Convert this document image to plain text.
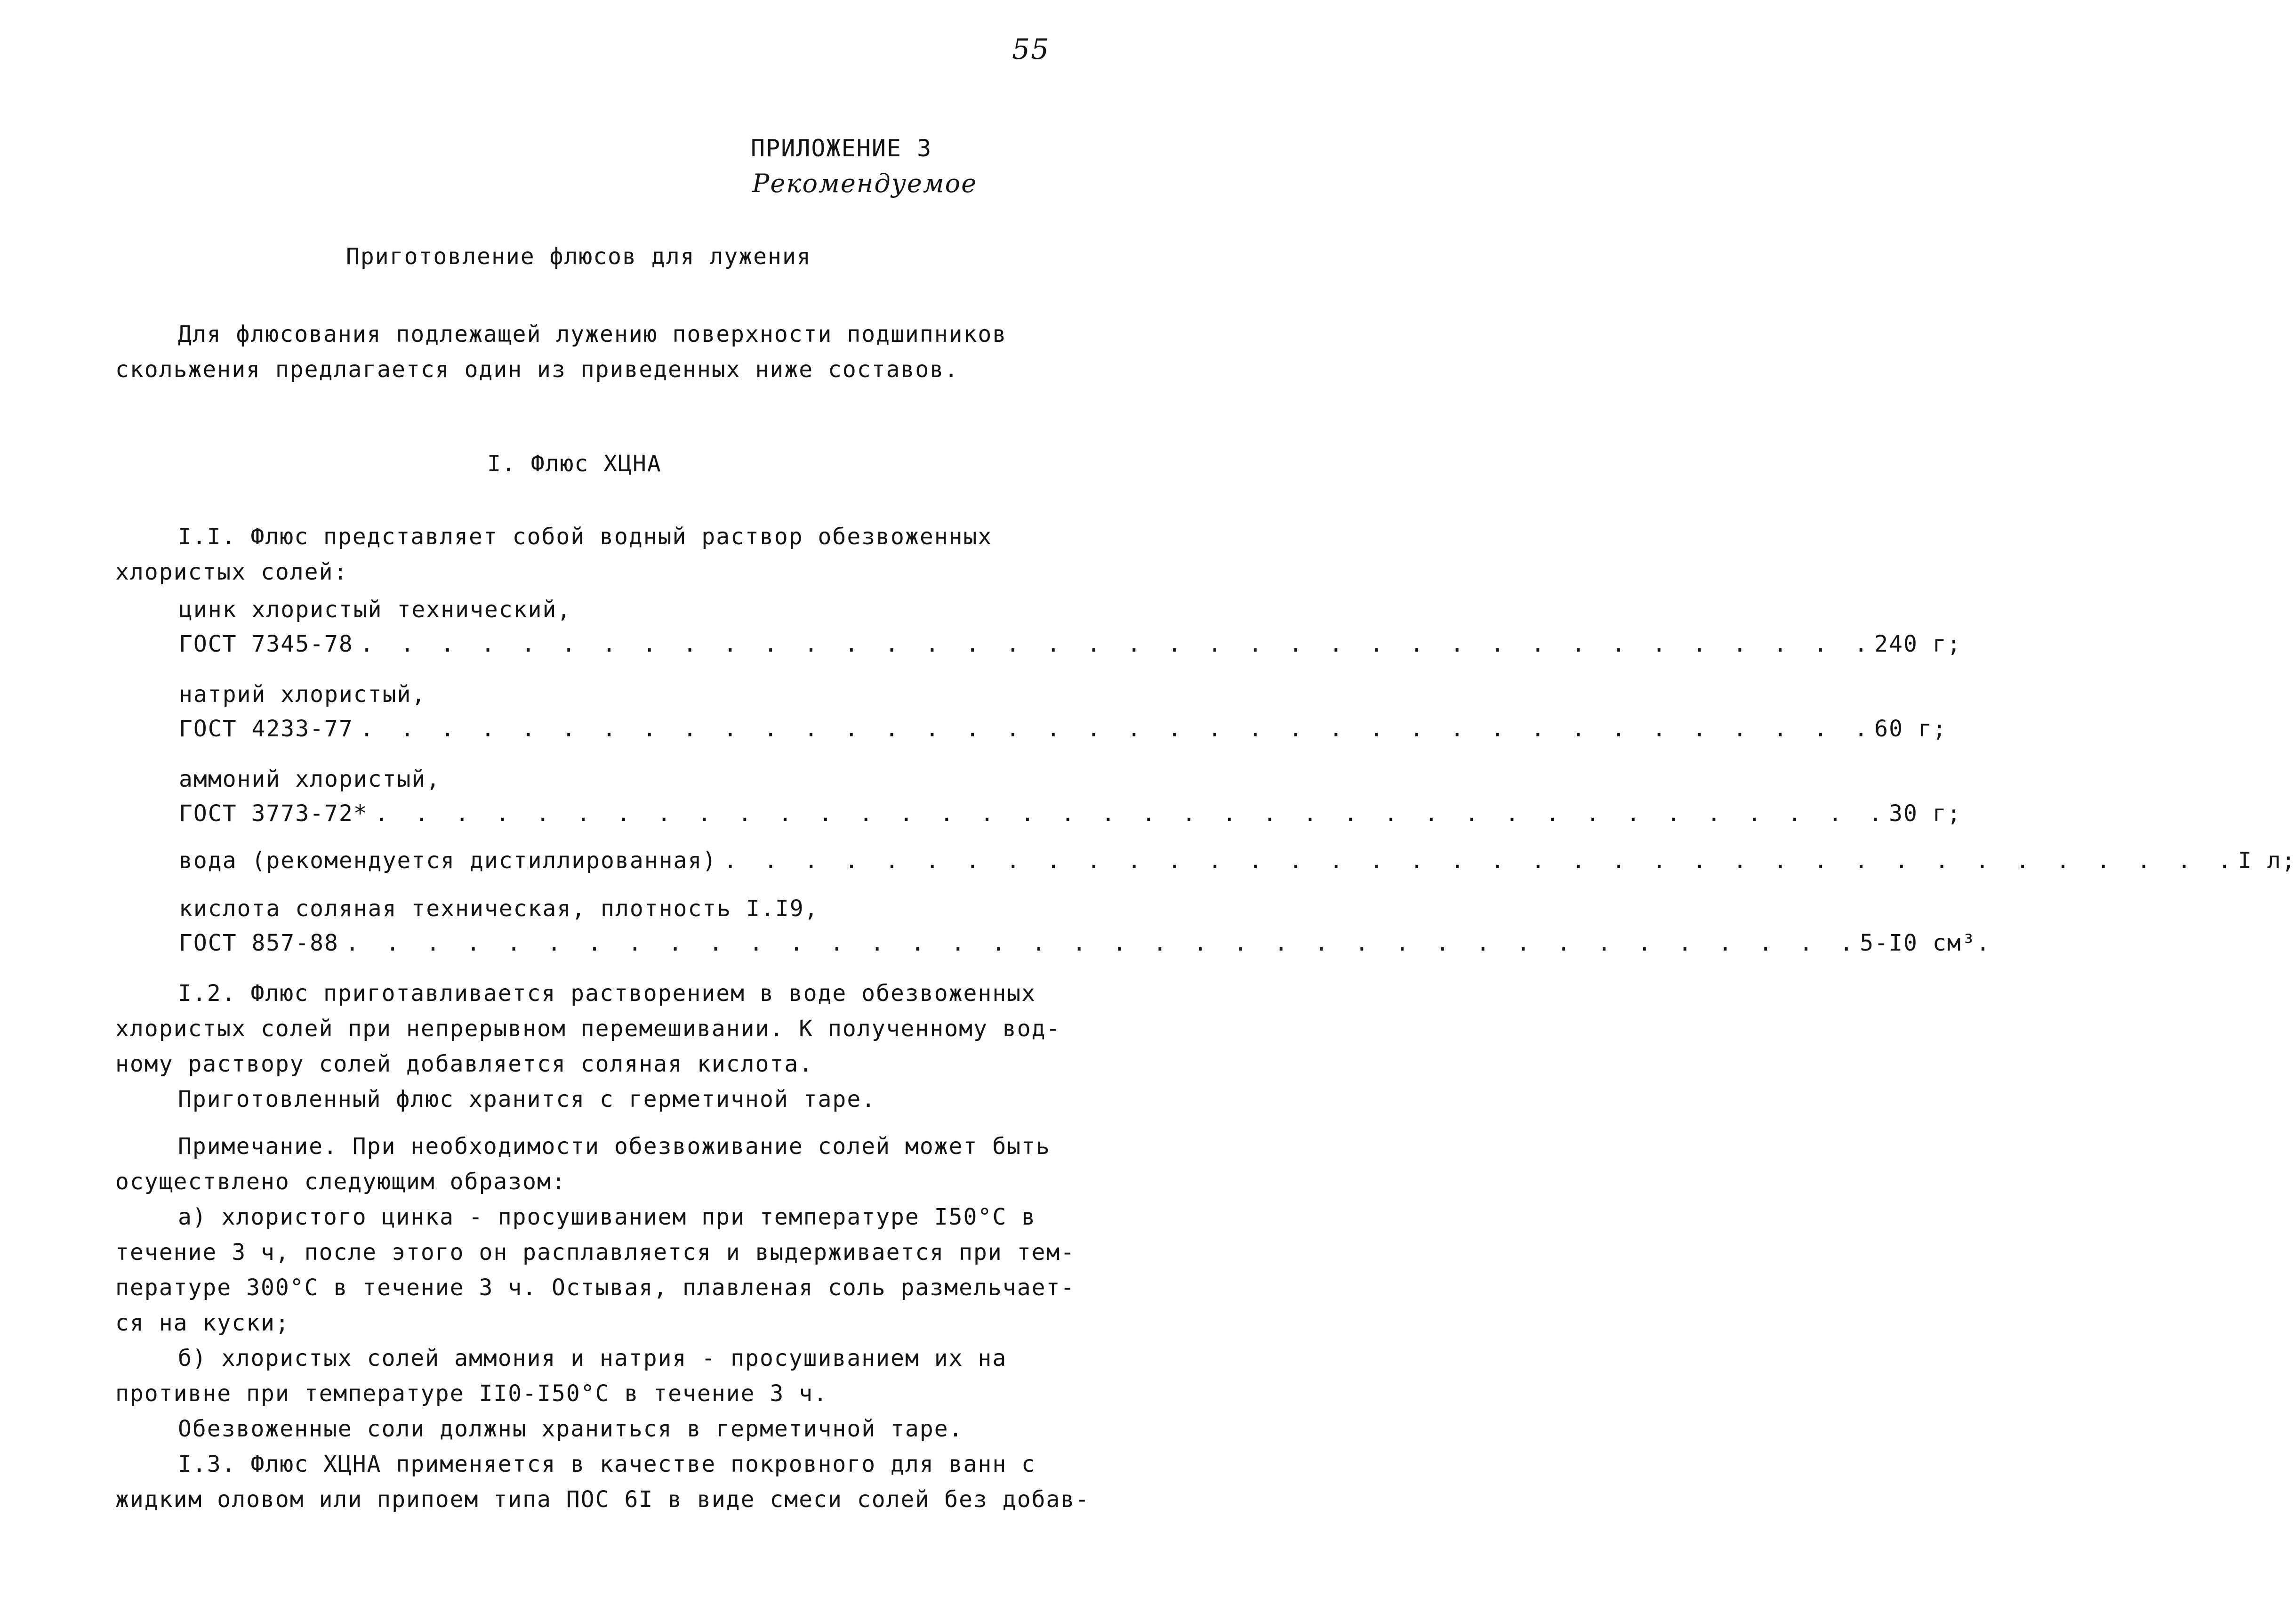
55
ПРИЛОЖЕНИЕ 3
Рекомендуемое
Приготовление флюсов для лужения
Для флюсования подлежащей лужению поверхности подшипников
скольжения предлагается один из приведенных ниже составов.
I. Флюс ХЦНА
I.I. Флюс представляет собой водный раствор обезвоженных
хлористых солей:
цинк хлористый технический,
ГОСТ 7345-78 . . . . . . . . . . . . . . . . . . . . . . . . . . . . . . . . . . . . . . 240 г;
натрий хлористый,
ГОСТ 4233-77 . . . . . . . . . . . . . . . . . . . . . . . . . . . . . . . . . . . . . . 60 г;
аммоний хлористый,
ГОСТ 3773-72* . . . . . . . . . . . . . . . . . . . . . . . . . . . . . . . . . . . . . . 30 г;
вода (рекомендуется дистиллированная) . . . . . . . . . . . . . . . . . . . . . . . . . . . . . . . . . . . . . . I л;
кислота соляная техническая, плотность I.I9,
ГОСТ 857-88 . . . . . . . . . . . . . . . . . . . . . . . . . . . . . . . . . . . . . . 5-I0 см³.
I.2. Флюс приготавливается растворением в воде обезвоженных
хлористых солей при непрерывном перемешивании. К полученному вод-
ному раствору солей добавляется соляная кислота.
Приготовленный флюс хранится с герметичной таре.
Примечание. При необходимости обезвоживание солей может быть
осуществлено следующим образом:
а) хлористого цинка - просушиванием при температуре I50°С в
течение 3 ч, после этого он расплавляется и выдерживается при тем-
пературе 300°С в течение 3 ч. Остывая, плавленая соль размельчает-
ся на куски;
б) хлористых солей аммония и натрия - просушиванием их на
противне при температуре II0-I50°С в течение 3 ч.
Обезвоженные соли должны храниться в герметичной таре.
I.3. Флюс ХЦНА применяется в качестве покровного для ванн с
жидким оловом или припоем типа ПОС 6I в виде смеси солей без добав-
